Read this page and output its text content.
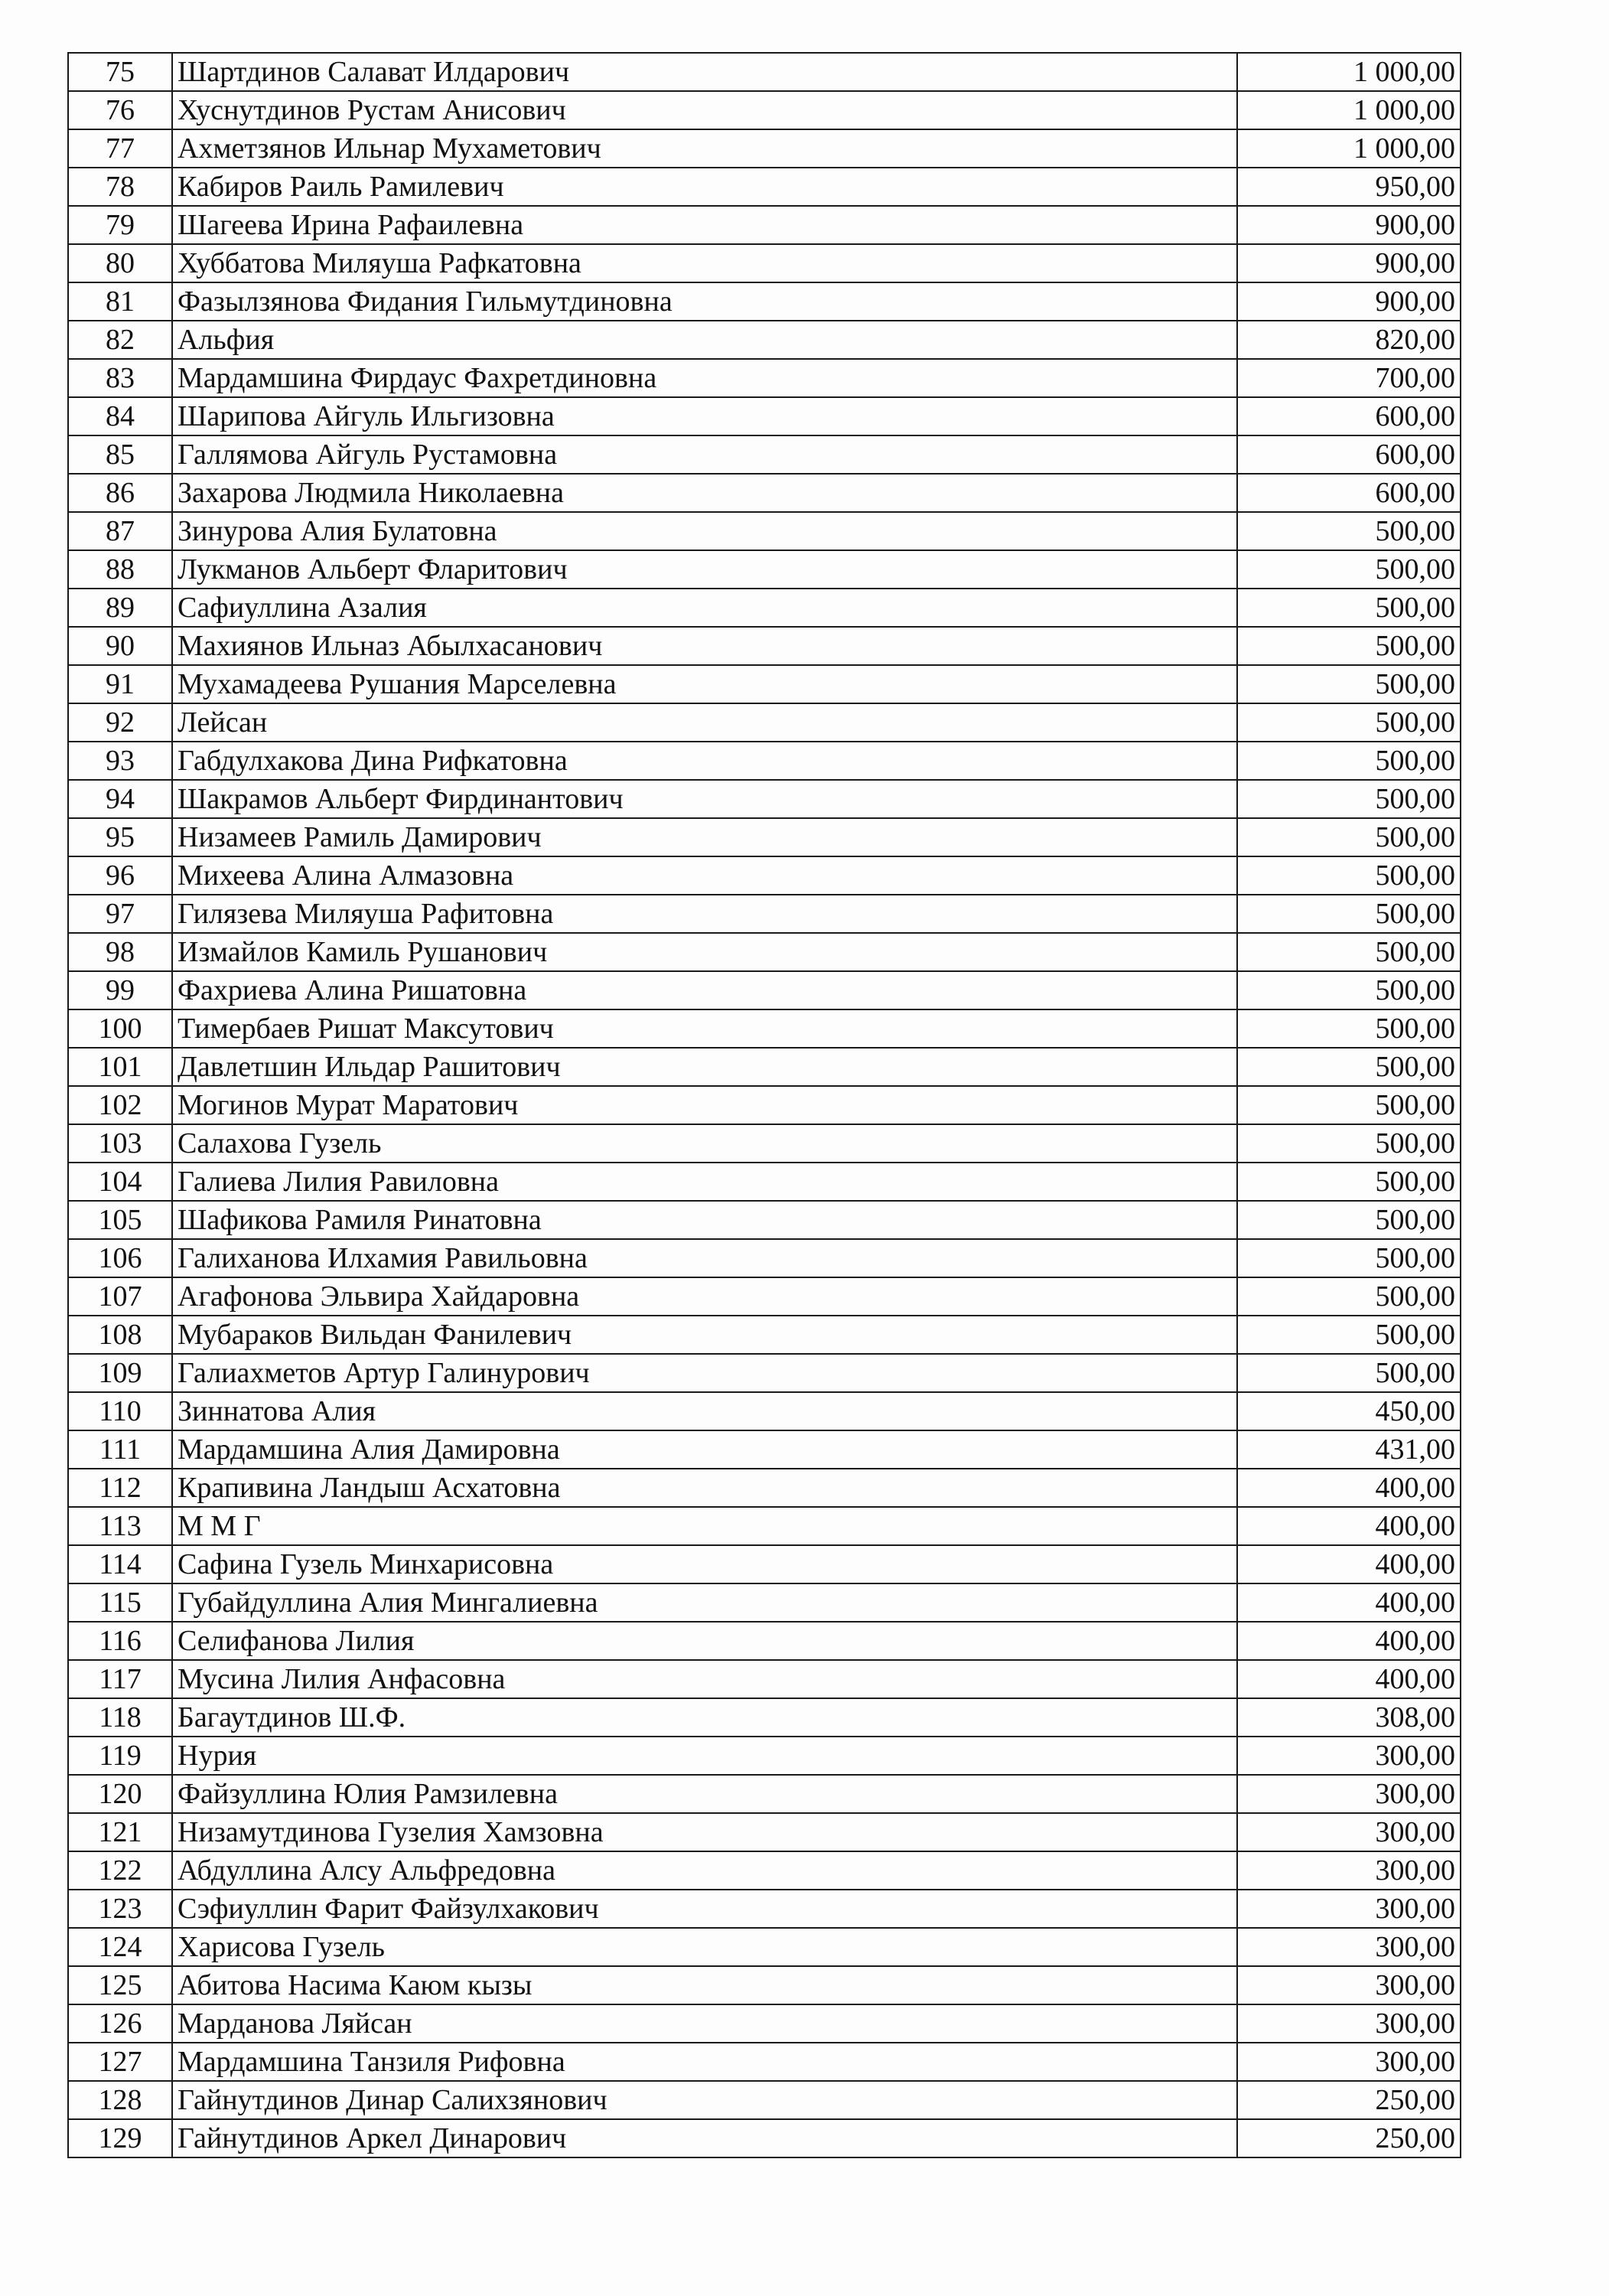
75	Шартдинов Салават Илдарович	1 000,00
76	Хуснутдинов Рустам Анисович	1 000,00
77	Ахметзянов Ильнар Мухаметович	1 000,00
78	Кабиров Раиль Рамилевич	950,00
79	Шагеева Ирина Рафаилевна	900,00
80	Хуббатова Миляуша Рафкатовна	900,00
81	Фазылзянова Фидания Гильмутдиновна	900,00
82	Альфия	820,00
83	Мардамшина Фирдаус Фахретдиновна	700,00
84	Шарипова Айгуль Ильгизовна	600,00
85	Галлямова Айгуль Рустамовна	600,00
86	Захарова Людмила Николаевна	600,00
87	Зинурова Алия Булатовна	500,00
88	Лукманов Альберт Фларитович	500,00
89	Сафиуллина Азалия	500,00
90	Махиянов Ильназ Абылхасанович	500,00
91	Мухамадеева Рушания Марселевна	500,00
92	Лейсан	500,00
93	Габдулхакова Дина Рифкатовна	500,00
94	Шакрамов Альберт Фирдинантович	500,00
95	Низамеев Рамиль Дамирович	500,00
96	Михеева Алина Алмазовна	500,00
97	Гилязева Миляуша Рафитовна	500,00
98	Измайлов Камиль Рушанович	500,00
99	Фахриева Алина Ришатовна	500,00
100	Тимербаев Ришат Максутович	500,00
101	Давлетшин Ильдар Рашитович	500,00
102	Могинов Мурат Маратович	500,00
103	Салахова Гузель	500,00
104	Галиева Лилия Равиловна	500,00
105	Шафикова Рамиля Ринатовна	500,00
106	Галиханова Илхамия Равильовна	500,00
107	Агафонова Эльвира Хайдаровна	500,00
108	Мубараков Вильдан Фанилевич	500,00
109	Галиахметов Артур Галинурович	500,00
110	Зиннатова Алия	450,00
111	Мардамшина Алия Дамировна	431,00
112	Крапивина Ландыш Асхатовна	400,00
113	М М Г	400,00
114	Сафина Гузель Минхарисовна	400,00
115	Губайдуллина Алия Мингалиевна	400,00
116	Селифанова Лилия	400,00
117	Мусина Лилия Анфасовна	400,00
118	Багаутдинов Ш.Ф.	308,00
119	Нурия	300,00
120	Файзуллина Юлия Рамзилевна	300,00
121	Низамутдинова Гузелия Хамзовна	300,00
122	Абдуллина Алсу Альфредовна	300,00
123	Сэфиуллин Фарит Файзулхакович	300,00
124	Харисова Гузель	300,00
125	Абитова Насима Каюм кызы	300,00
126	Марданова Ляйсан	300,00
127	Мардамшина Танзиля Рифовна	300,00
128	Гайнутдинов Динар Салихзянович	250,00
129	Гайнутдинов Аркел Динарович	250,00
